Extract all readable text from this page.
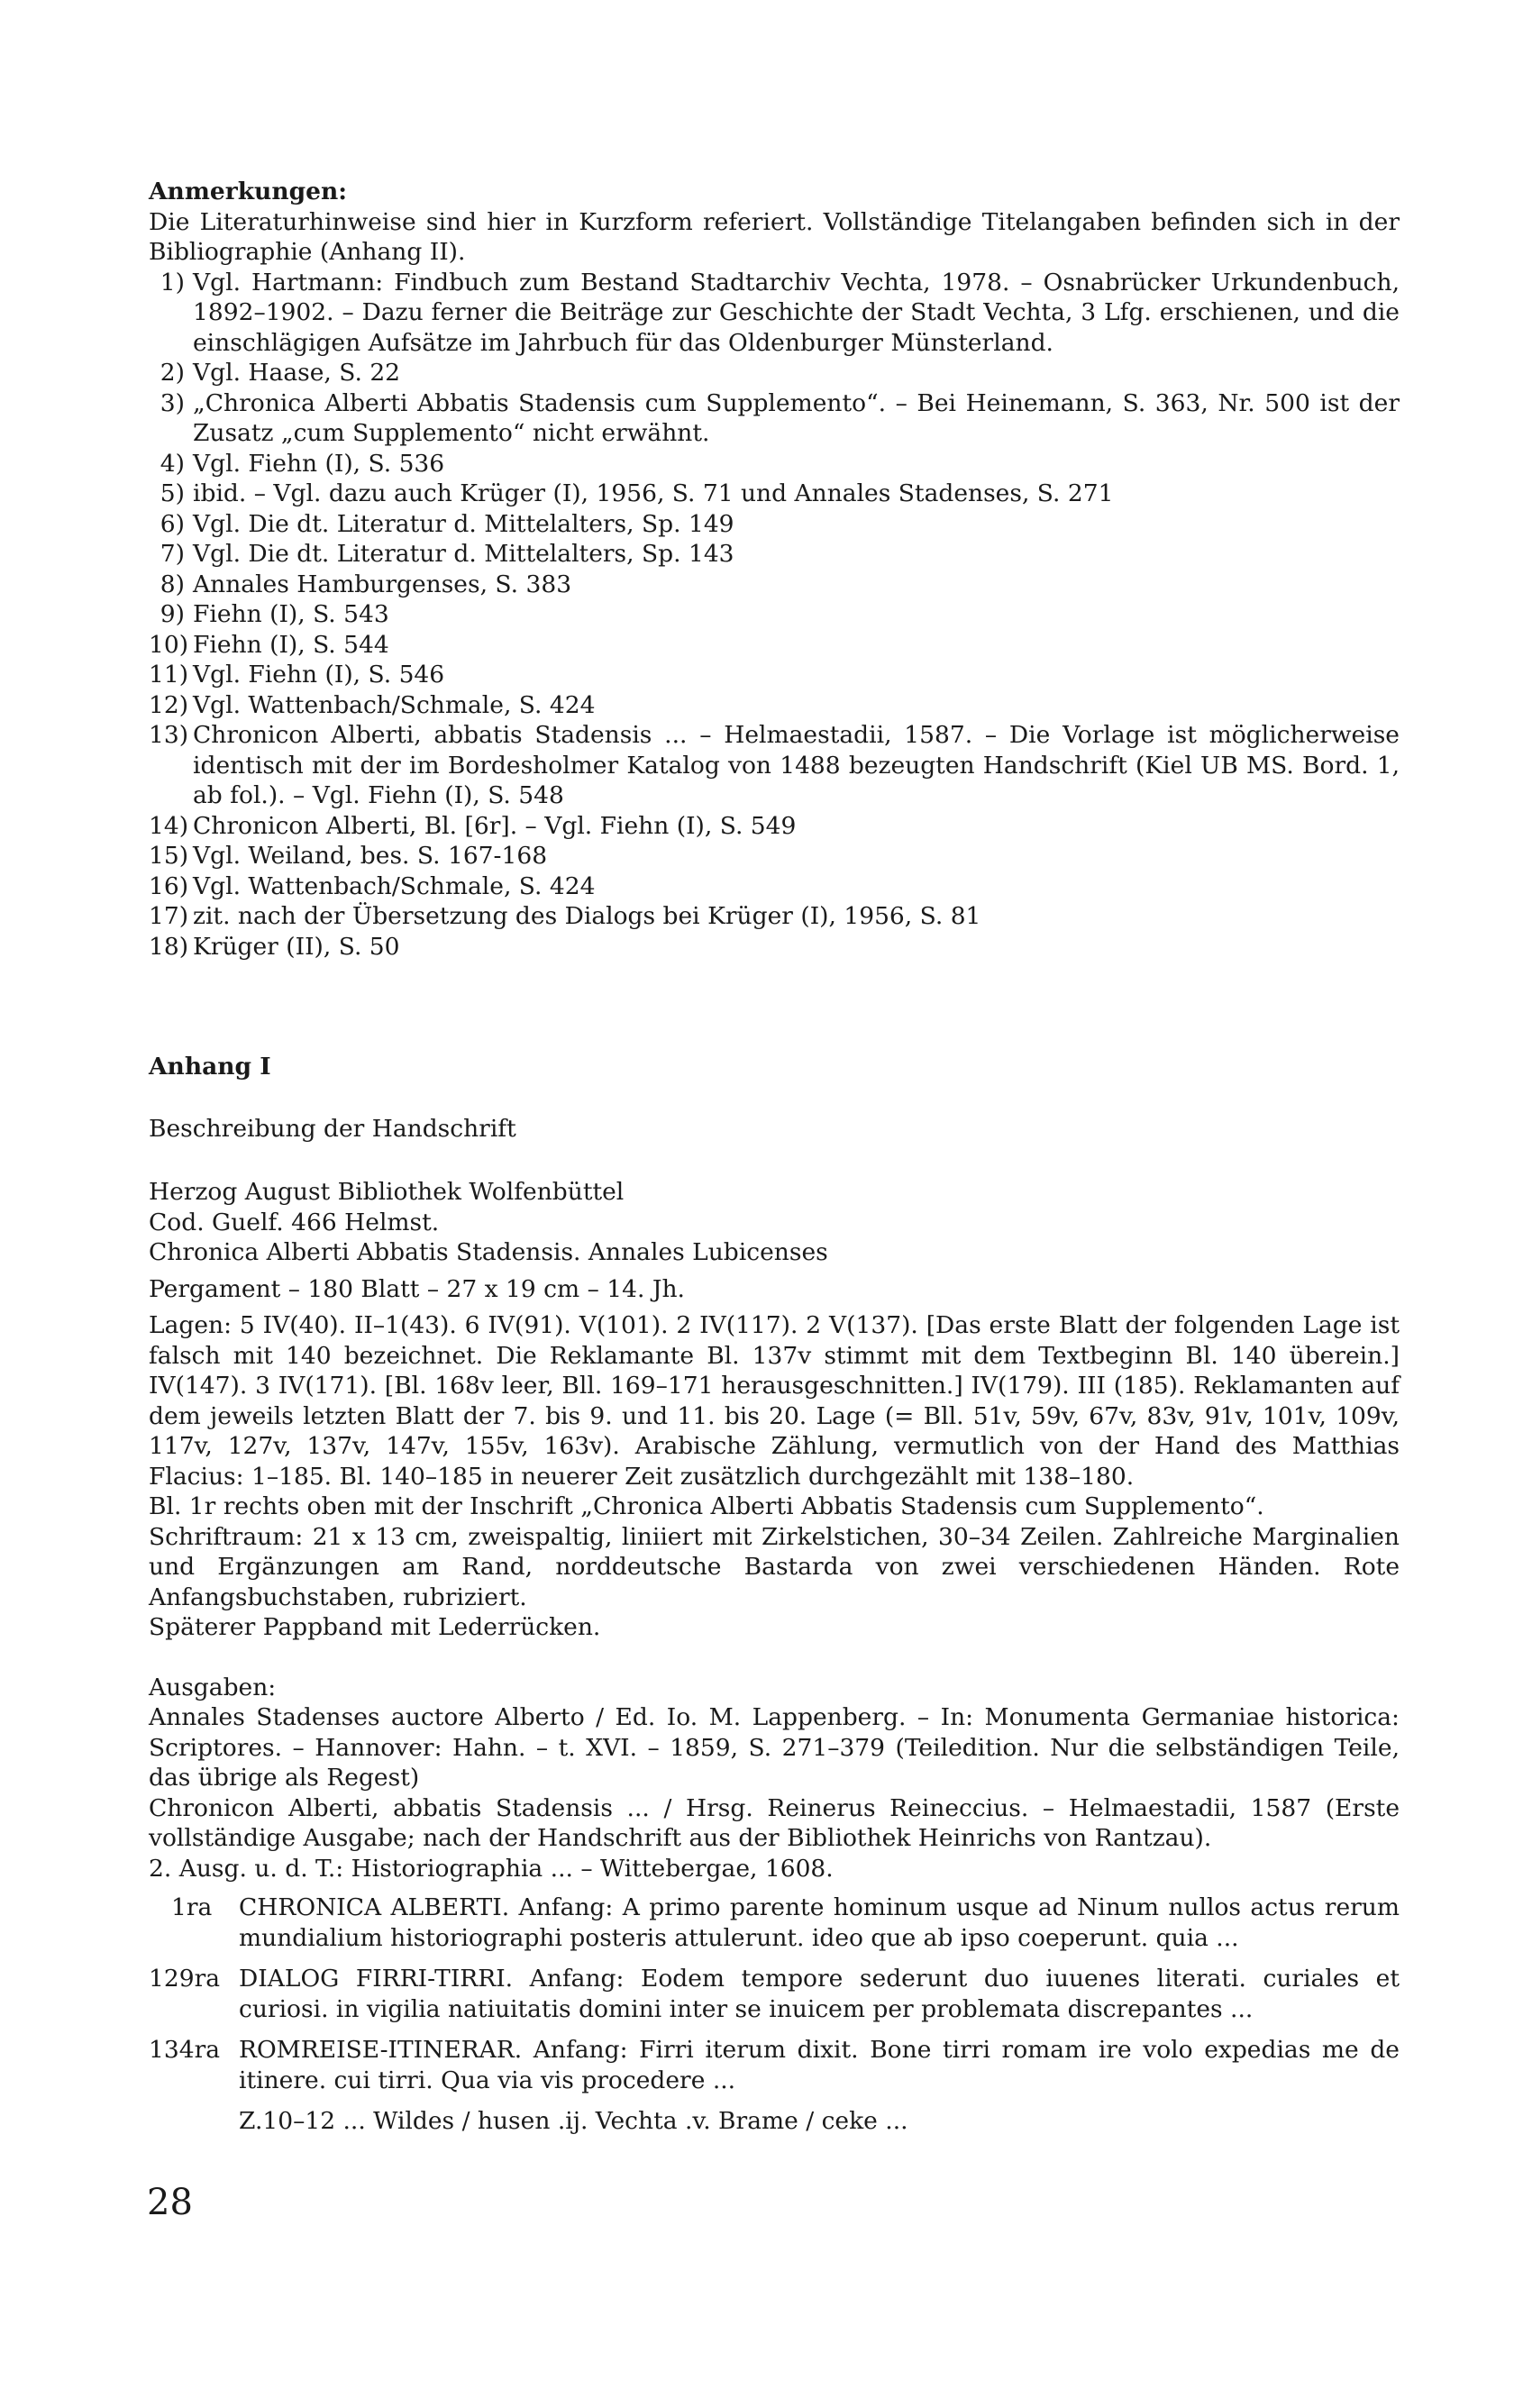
Anmerkungen:
Die Literaturhinweise sind hier in Kurzform referiert. Vollständige Titelangaben befinden sich in der Bibliographie (Anhang II).
1) Vgl. Hartmann: Findbuch zum Bestand Stadtarchiv Vechta, 1978. – Osnabrücker Urkundenbuch, 1892–1902. – Dazu ferner die Beiträge zur Geschichte der Stadt Vechta, 3 Lfg. erschienen, und die einschlägigen Aufsätze im Jahrbuch für das Oldenburger Münsterland.
2) Vgl. Haase, S. 22
3) „Chronica Alberti Abbatis Stadensis cum Supplemento“. – Bei Heinemann, S. 363, Nr. 500 ist der Zusatz „cum Supplemento“ nicht erwähnt.
4) Vgl. Fiehn (I), S. 536
5) ibid. – Vgl. dazu auch Krüger (I), 1956, S. 71 und Annales Stadenses, S. 271
6) Vgl. Die dt. Literatur d. Mittelalters, Sp. 149
7) Vgl. Die dt. Literatur d. Mittelalters, Sp. 143
8) Annales Hamburgenses, S. 383
9) Fiehn (I), S. 543
10) Fiehn (I), S. 544
11) Vgl. Fiehn (I), S. 546
12) Vgl. Wattenbach/Schmale, S. 424
13) Chronicon Alberti, abbatis Stadensis ... – Helmaestadii, 1587. – Die Vorlage ist möglicherweise identisch mit der im Bordesholmer Katalog von 1488 bezeugten Handschrift (Kiel UB MS. Bord. 1, ab fol.). – Vgl. Fiehn (I), S. 548
14) Chronicon Alberti, Bl. [6r]. – Vgl. Fiehn (I), S. 549
15) Vgl. Weiland, bes. S. 167-168
16) Vgl. Wattenbach/Schmale, S. 424
17) zit. nach der Übersetzung des Dialogs bei Krüger (I), 1956, S. 81
18) Krüger (II), S. 50
Anhang I
Beschreibung der Handschrift
Herzog August Bibliothek Wolfenbüttel
Cod. Guelf. 466 Helmst.
Chronica Alberti Abbatis Stadensis. Annales Lubicenses
Pergament – 180 Blatt – 27 x 19 cm – 14. Jh.
Lagen: 5 IV(40). II–1(43). 6 IV(91). V(101). 2 IV(117). 2 V(137). [Das erste Blatt der folgenden Lage ist falsch mit 140 bezeichnet. Die Reklamante Bl. 137v stimmt mit dem Textbeginn Bl. 140 überein.] IV(147). 3 IV(171). [Bl. 168v leer, Bll. 169–171 herausgeschnitten.] IV(179). III (185). Reklamanten auf dem jeweils letzten Blatt der 7. bis 9. und 11. bis 20. Lage (= Bll. 51v, 59v, 67v, 83v, 91v, 101v, 109v, 117v, 127v, 137v, 147v, 155v, 163v). Arabische Zählung, vermutlich von der Hand des Matthias Flacius: 1–185. Bl. 140–185 in neuerer Zeit zusätzlich durchgezählt mit 138–180.
Bl. 1r rechts oben mit der Inschrift „Chronica Alberti Abbatis Stadensis cum Supplemento“.
Schriftraum: 21 x 13 cm, zweispaltig, liniiert mit Zirkelstichen, 30–34 Zeilen. Zahlreiche Marginalien und Ergänzungen am Rand, norddeutsche Bastarda von zwei verschiedenen Händen. Rote Anfangsbuchstaben, rubriziert.
Späterer Pappband mit Lederrücken.
Ausgaben:
Annales Stadenses auctore Alberto / Ed. Io. M. Lappenberg. – In: Monumenta Germaniae historica: Scriptores. – Hannover: Hahn. – t. XVI. – 1859, S. 271–379 (Teiledition. Nur die selbständigen Teile, das übrige als Regest)
Chronicon Alberti, abbatis Stadensis ... / Hrsg. Reinerus Reineccius. – Helmaestadii, 1587 (Erste vollständige Ausgabe; nach der Handschrift aus der Bibliothek Heinrichs von Rantzau).
2. Ausg. u. d. T.: Historiographia ... – Wittebergae, 1608.
1ra	CHRONICA ALBERTI. Anfang: A primo parente hominum usque ad Ninum nullos actus rerum mundialium historiographi posteris attulerunt. ideo que ab ipso coeperunt. quia ...
129ra DIALOG FIRRI-TIRRI. Anfang: Eodem tempore sederunt duo iuuenes literati. curiales et curiosi. in vigilia natiuitatis domini inter se inuicem per problemata discrepantes ...
134ra ROMREISE-ITINERAR. Anfang: Firri iterum dixit. Bone tirri romam ire volo expedias me de itinere. cui tirri. Qua via vis procedere ...
Z.10–12 ... Wildes / husen .ij. Vechta .v. Brame / ceke ...
28
